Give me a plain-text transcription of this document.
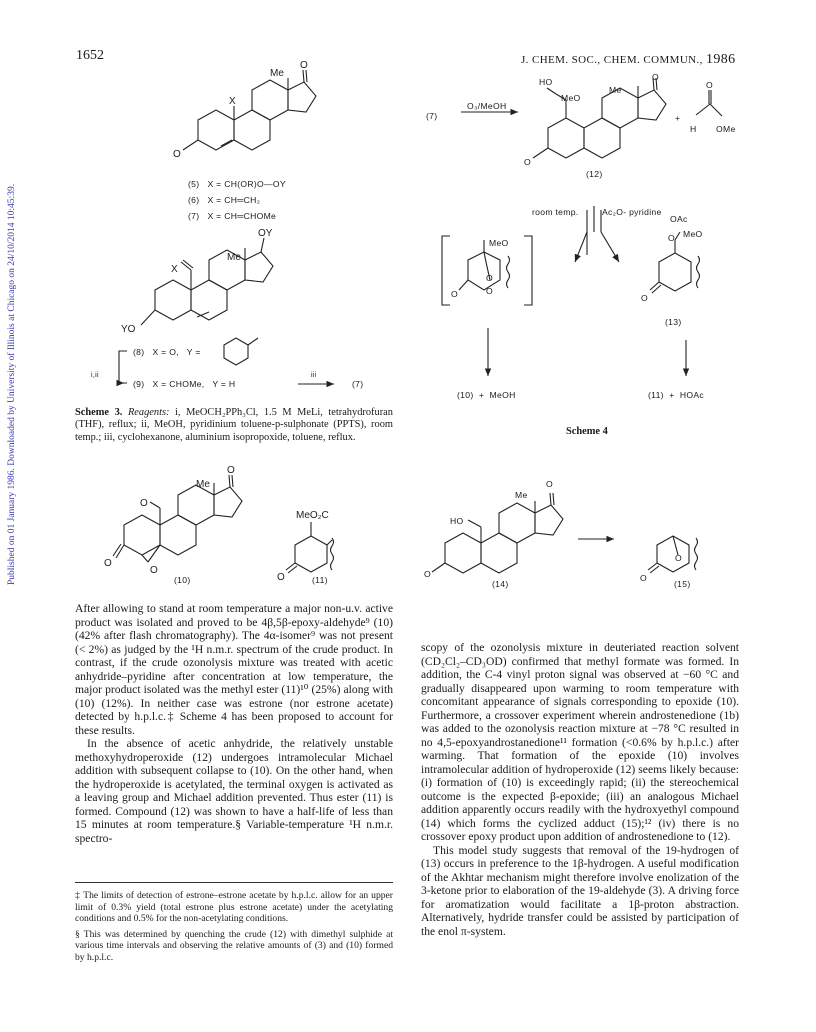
Published on 01 January 1986. Downloaded by University of Illinois at Chicago on 24/10/2014 10:45:39.
1652	J. CHEM. SOC., CHEM. COMMUN., 1986
Me
O
X
O
X
Me
OY
YO
Me
O
O
O
O
MeO₂C
O
(5)   X = CH(OR)O—OY
(6)   X = CH═CH₂
(7)   X = CH═CHOMe
i,ii
(8)   X = O,   Y =
(9)   X = CHOMe,   Y = H
iii
(7)
Scheme 3. Reagents: i, MeOCH₂PPh₃Cl, 1.5 M MeLi, tetrahydrofuran (THF), reflux; ii, MeOH, pyridinium toluene-p-sulphonate (PPTS), room temp.; iii, cyclohexanone, aluminium isopropoxide, toluene, reflux.
(10)	(11)
(7)
O₃/MeOH
HO
MeO
Me
O
O
+
O
H OMe
(12)
room temp.	Ac₂O- pyridine
MeO
O
O
O
OAc
O MeO
O
(13)
(10)  +  MeOH	(11)  +  HOAc
Scheme 4
Me
O
HO
O
O
O
(14)	(15)

After allowing to stand at room temperature a major non-u.v. active product was isolated and proved to be 4β,5β-epoxy-aldehyde⁹ (10) (42% after flash chromatography). The 4α-isomer⁹ was not present (< 2%) as judged by the ¹H n.m.r. spectrum of the crude product. In contrast, if the crude ozonolysis mixture was treated with acetic anhydride–pyridine after concentration at low temperature, the major product isolated was the methyl ester (11)¹⁰ (25%) along with (10) (12%). In neither case was estrone (nor estrone acetate) detected by h.p.l.c.‡ Scheme 4 has been proposed to account for these results.

In the absence of acetic anhydride, the relatively unstable methoxyhydroperoxide (12) undergoes intramolecular Michael addition with subsequent collapse to (10). On the other hand, when the hydroperoxide is acetylated, the terminal oxygen is activated as a leaving group and Michael addition prevented. Thus ester (11) is formed. Compound (12) was shown to have a half-life of less than 15 minutes at room temperature.§ Variable-temperature ¹H n.m.r. spectro-

‡ The limits of detection of estrone–estrone acetate by h.p.l.c. allow for an upper limit of 0.3% yield (total estrone plus estrone acetate) under the acetylating conditions and 0.5% for the non-acetylating conditions.

§ This was determined by quenching the crude (12) with dimethyl sulphide at various time intervals and observing the relative amounts of (3) and (10) formed by h.p.l.c.

scopy of the ozonolysis mixture in deuteriated reaction solvent (CD₂Cl₂–CD₃OD) confirmed that methyl formate was formed. In addition, the C-4 vinyl proton signal was observed at −60 °C and gradually disappeared upon warming to room temperature with concomitant appearance of signals corresponding to epoxide (10). Furthermore, a crossover experiment wherein androstenedione (1b) was added to the ozonolysis reaction mixture at −78 °C resulted in no 4,5-epoxyandrostanedione¹¹ formation (<0.6% by h.p.l.c.) after warming. That formation of the epoxide (10) involves intramolecular addition of hydroperoxide (12) seems likely because: (i) formation of (10) is exceedingly rapid; (ii) the stereochemical outcome is the expected β-epoxide; (iii) an analogous Michael addition apparently occurs readily with the hydroxyethyl compound (14) which forms the cyclized adduct (15);¹² (iv) there is no crossover epoxy product upon addition of androstenedione to (12).

This model study suggests that removal of the 19-hydrogen of (13) occurs in preference to the 1β-hydrogen. A useful modification of the Akhtar mechanism might therefore involve enolization of the 3-ketone prior to elaboration of the 19-aldehyde (3). A driving force for aromatization would facilitate a 1β-proton abstraction. Alternatively, hydride transfer could be assisted by participation of the enol π-system.
